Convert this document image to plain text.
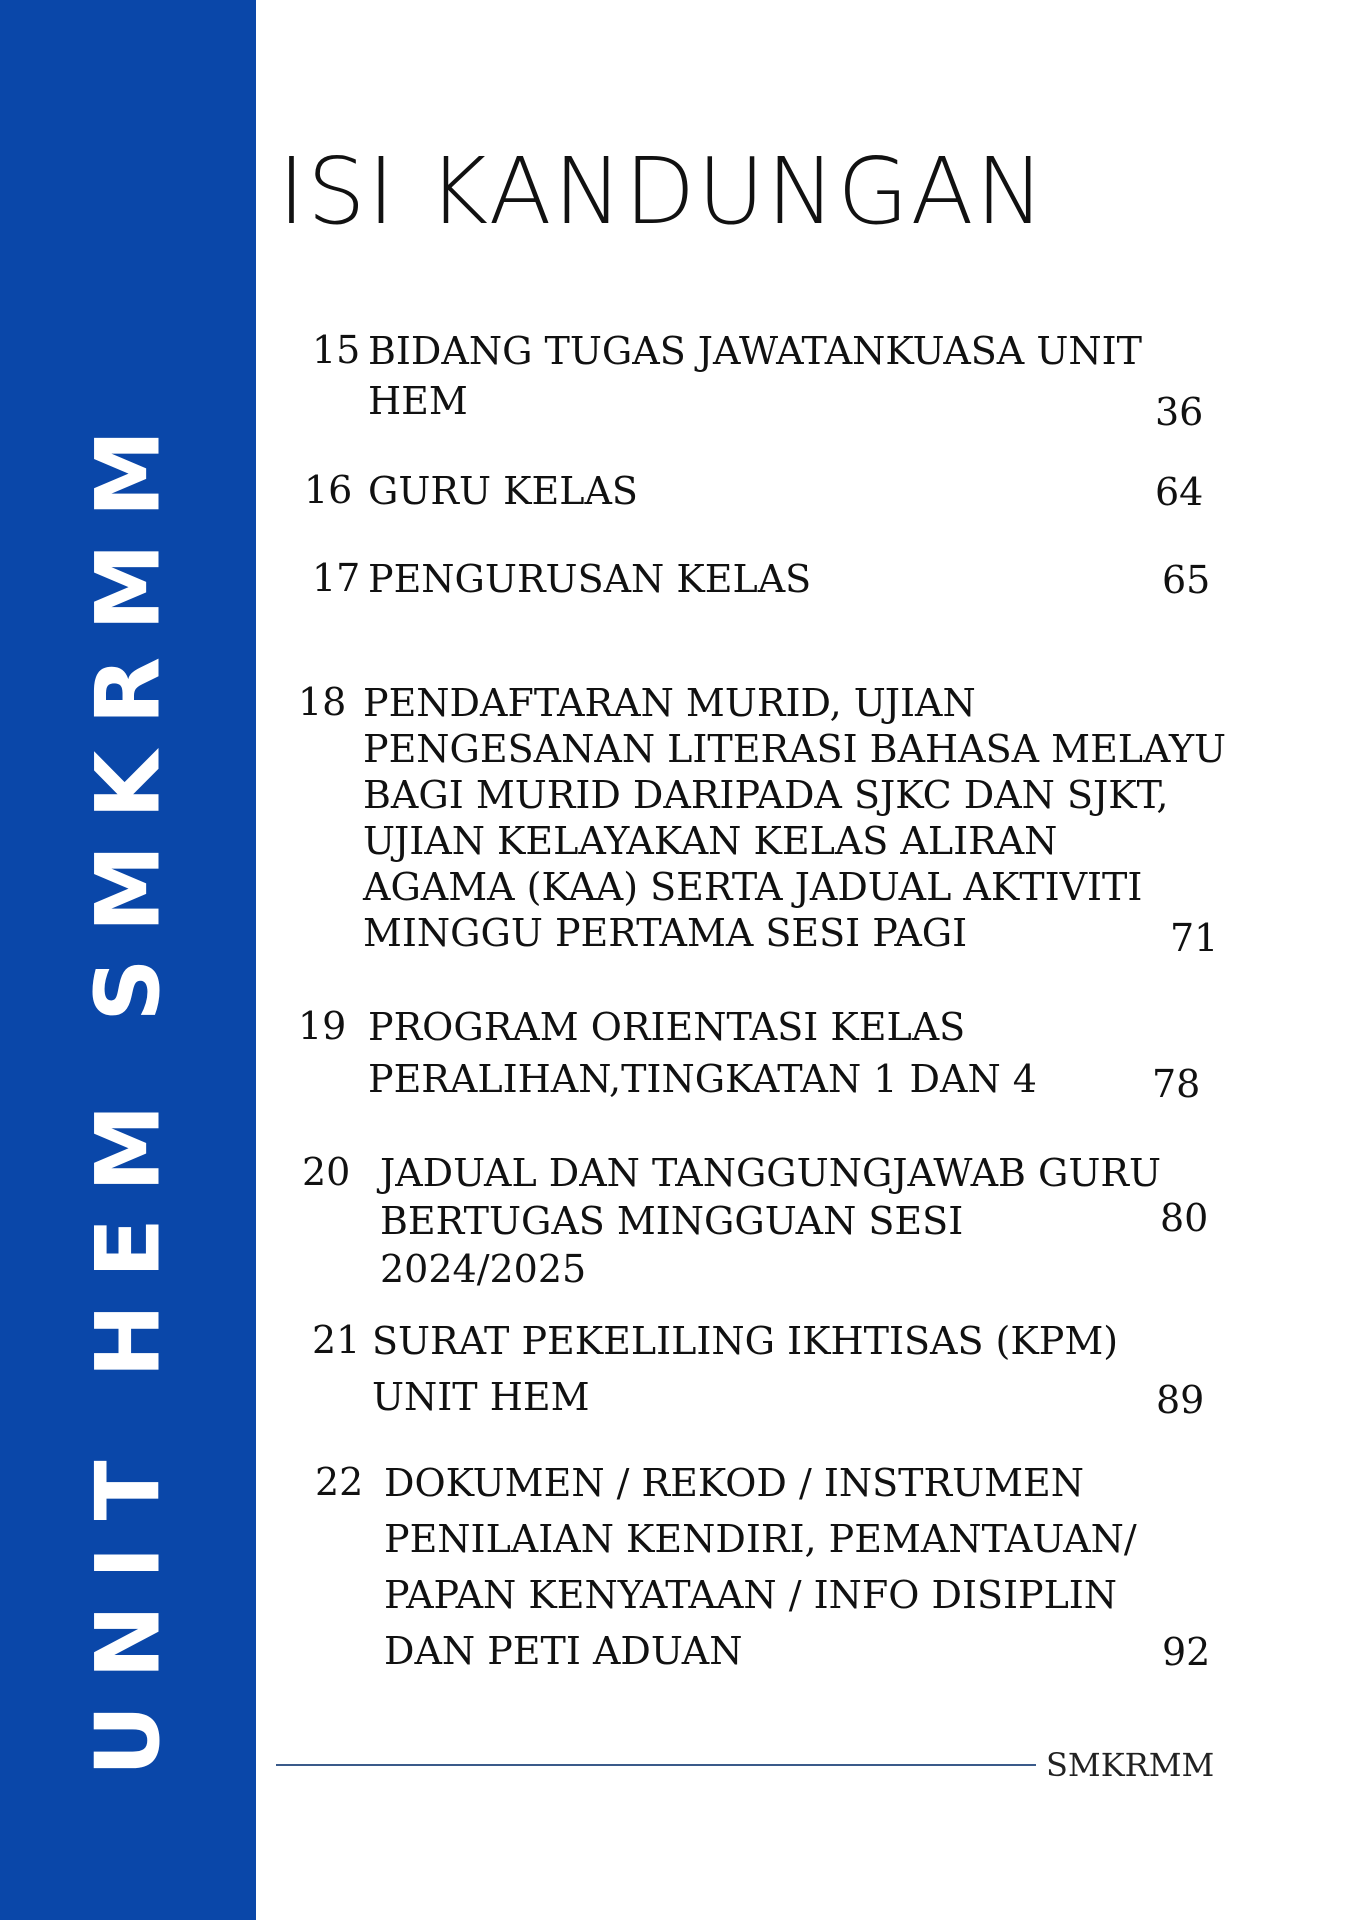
UNIT HEM SMKRMM
ISI KANDUNGAN
15 BIDANG TUGAS JAWATANKUASA UNIT
HEM	36
16 GURU KELAS	64
17 PENGURUSAN KELAS	65
18 PENDAFTARAN MURID, UJIAN
PENGESANAN LITERASI BAHASA MELAYU
BAGI MURID DARIPADA SJKC DAN SJKT,
UJIAN KELAYAKAN KELAS ALIRAN
AGAMA (KAA) SERTA JADUAL AKTIVITI
MINGGU PERTAMA SESI PAGI	71
19 PROGRAM ORIENTASI KELAS
PERALIHAN,TINGKATAN 1 DAN 4	78
20 JADUAL DAN TANGGUNGJAWAB GURU
BERTUGAS MINGGUAN SESI
2024/2025
80
21 SURAT PEKELILING IKHTISAS (KPM)
UNIT HEM	89
22 DOKUMEN / REKOD / INSTRUMEN
PENILAIAN KENDIRI, PEMANTAUAN/
PAPAN KENYATAAN / INFO DISIPLIN
DAN PETI ADUAN	92
SMKRMM
